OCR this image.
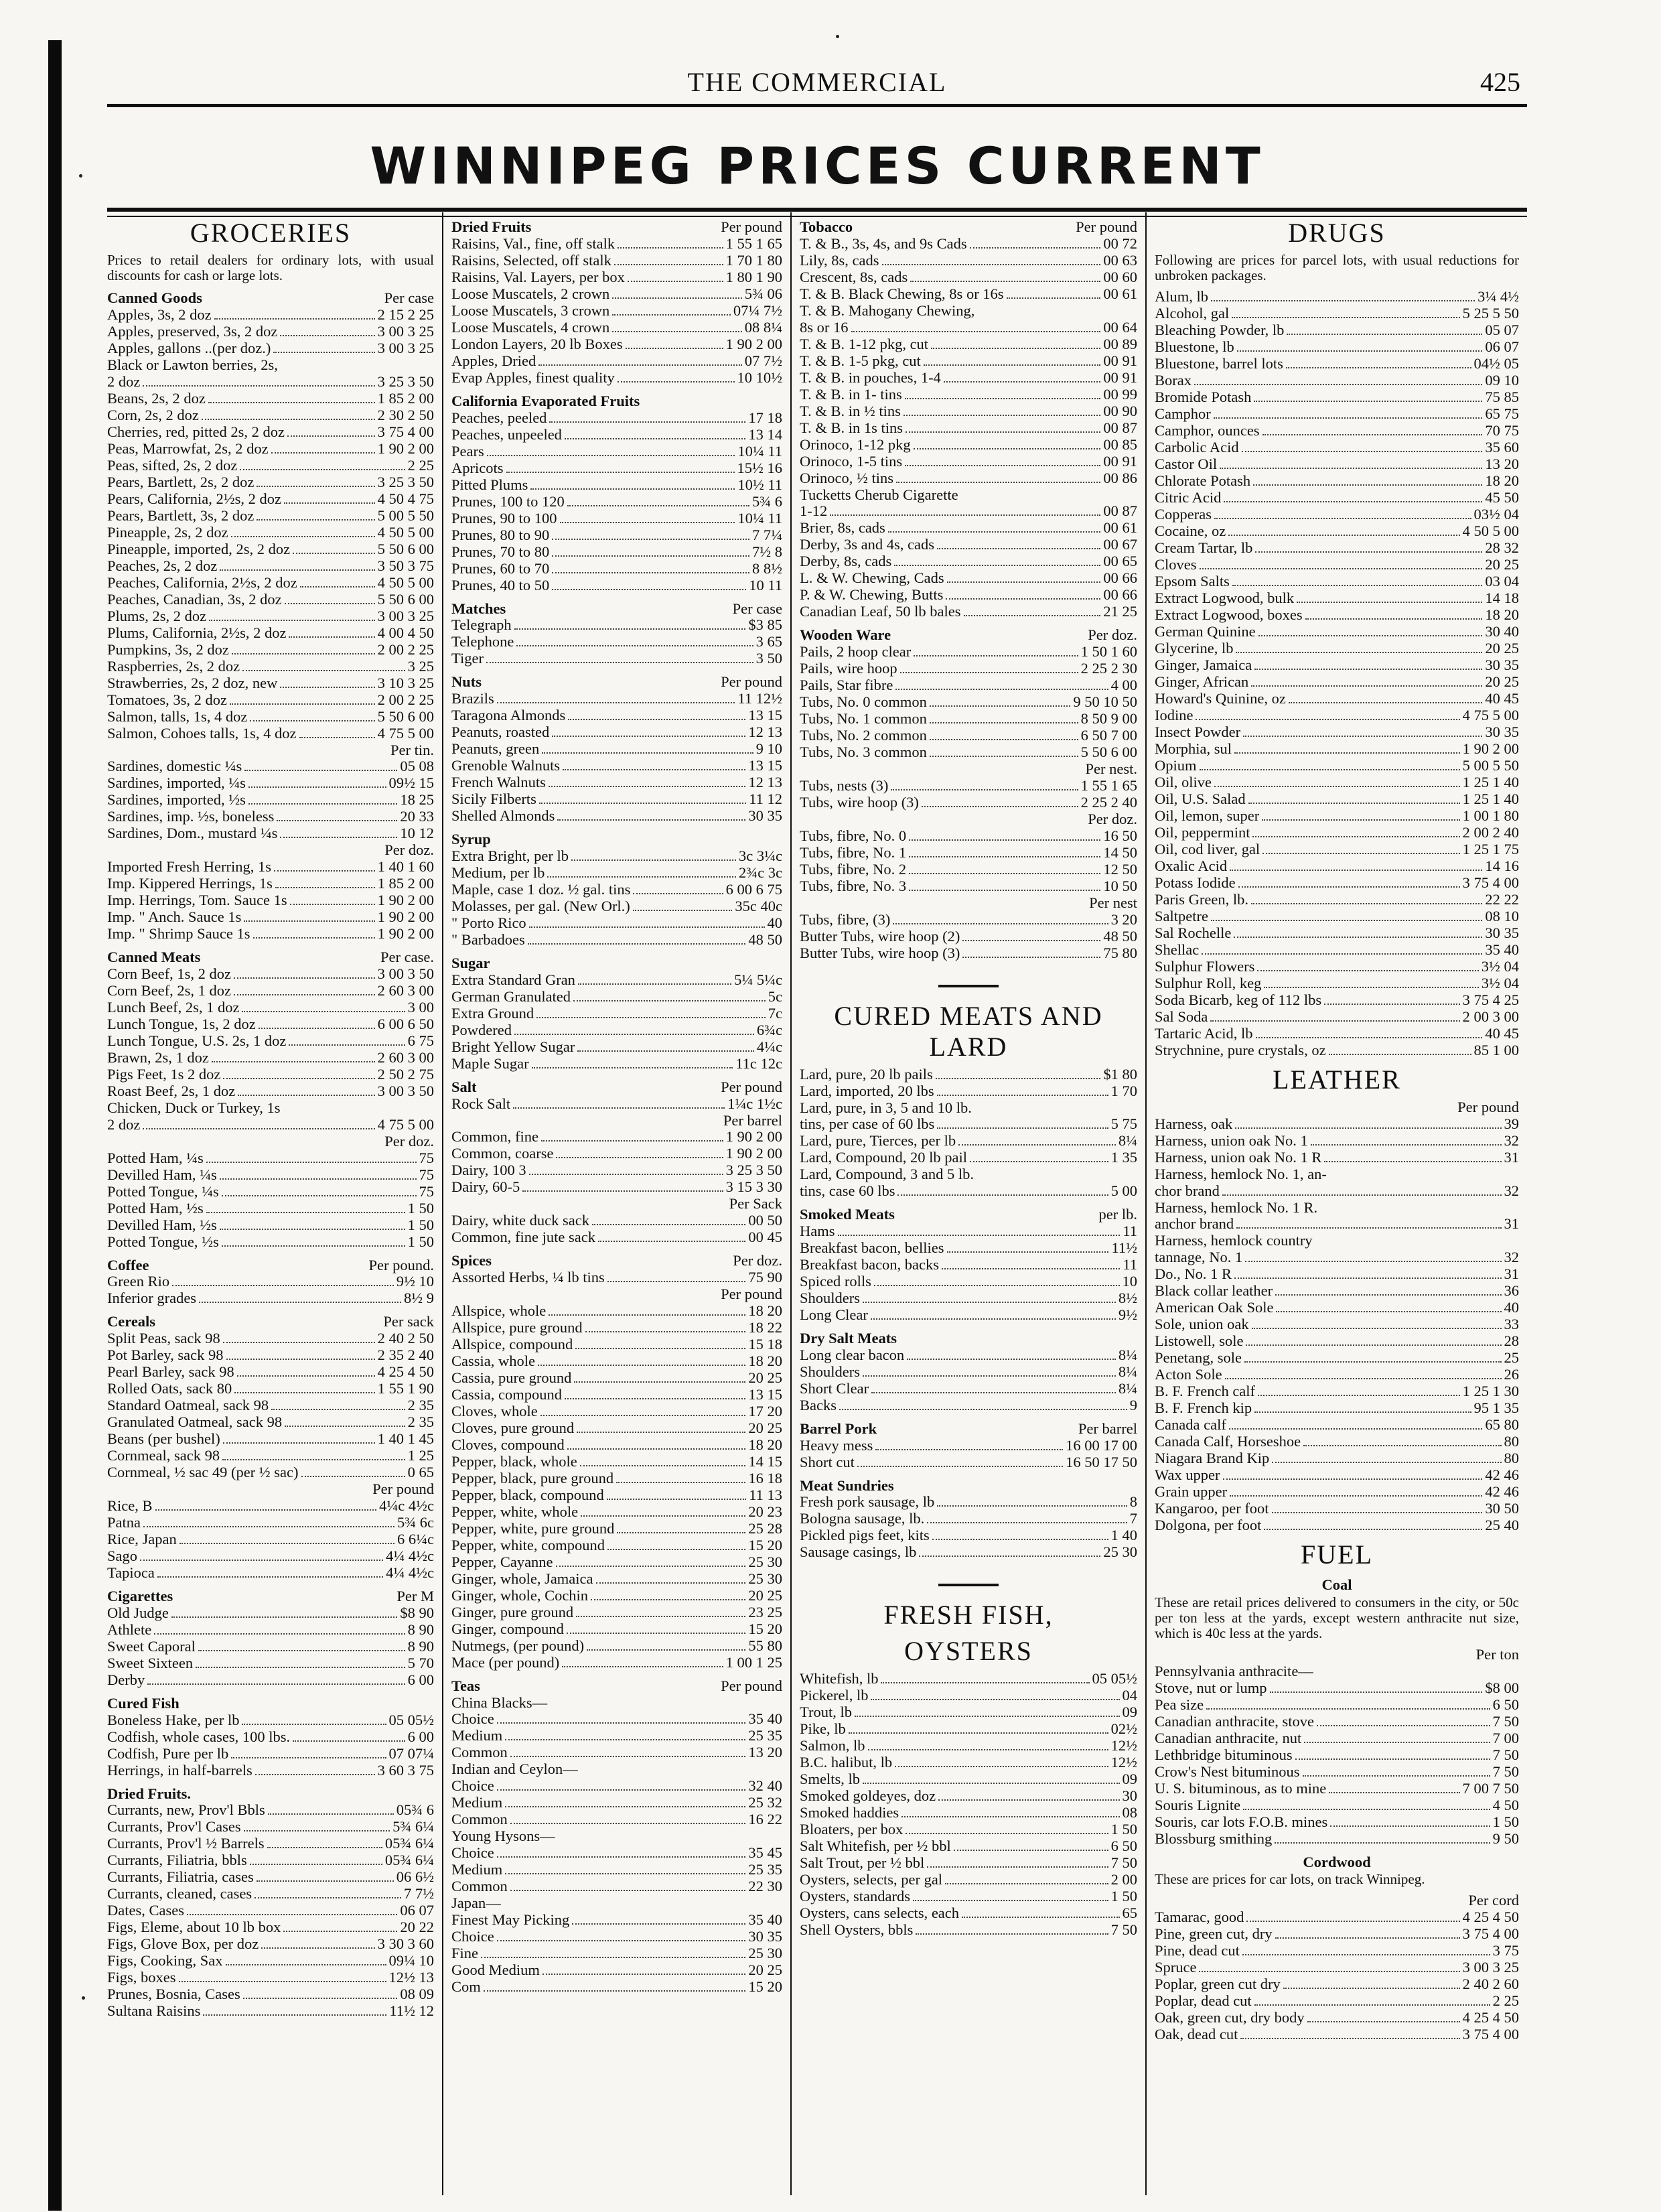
THE COMMERCIAL	425
WINNIPEG PRICES CURRENT
GROCERIES
Prices to retail dealers for ordinary lots, with usual discounts for cash or large lots.
Canned Goods	Per case
Apples, 3s, 2 doz	2 15 2 25
Apples, preserved, 3s, 2 doz	3 00 3 25
Apples, gallons ..(per doz.)	3 00 3 25
Black or Lawton berries, 2s,
2 doz	3 25 3 50
Beans, 2s, 2 doz	1 85 2 00
Corn, 2s, 2 doz	2 30 2 50
Cherries, red, pitted 2s, 2 doz	3 75 4 00
Peas, Marrowfat, 2s, 2 doz	1 90 2 00
Peas, sifted, 2s, 2 doz	2 25
Pears, Bartlett, 2s, 2 doz	3 25 3 50
Pears, California, 2½s, 2 doz	4 50 4 75
Pears, Bartlett, 3s, 2 doz	5 00 5 50
Pineapple, 2s, 2 doz	4 50 5 00
Pineapple, imported, 2s, 2 doz	5 50 6 00
Peaches, 2s, 2 doz	3 50 3 75
Peaches, California, 2½s, 2 doz	4 50 5 00
Peaches, Canadian, 3s, 2 doz	5 50 6 00
Plums, 2s, 2 doz	3 00 3 25
Plums, California, 2½s, 2 doz	4 00 4 50
Pumpkins, 3s, 2 doz	2 00 2 25
Raspberries, 2s, 2 doz	3 25
Strawberries, 2s, 2 doz, new	3 10 3 25
Tomatoes, 3s, 2 doz	2 00 2 25
Salmon, talls, 1s, 4 doz	5 50 6 00
Salmon, Cohoes talls, 1s, 4 doz	4 75 5 00
Per tin.
Sardines, domestic ¼s	05 08
Sardines, imported, ¼s	09½ 15
Sardines, imported, ½s	18 25
Sardines, imp. ½s, boneless	20 33
Sardines, Dom., mustard ¼s	10 12
Per doz.
Imported Fresh Herring, 1s	1 40 1 60
Imp. Kippered Herrings, 1s	1 85 2 00
Imp. Herrings, Tom. Sauce 1s	1 90 2 00
Imp. " Anch. Sauce 1s	1 90 2 00
Imp. " Shrimp Sauce 1s	1 90 2 00
Canned Meats	Per case.
Corn Beef, 1s, 2 doz	3 00 3 50
Corn Beef, 2s, 1 doz	2 60 3 00
Lunch Beef, 2s, 1 doz	3 00
Lunch Tongue, 1s, 2 doz	6 00 6 50
Lunch Tongue, U.S. 2s, 1 doz	6 75
Brawn, 2s, 1 doz	2 60 3 00
Pigs Feet, 1s 2 doz	2 50 2 75
Roast Beef, 2s, 1 doz	3 00 3 50
Chicken, Duck or Turkey, 1s
2 doz	4 75 5 00
Per doz.
Potted Ham, ¼s	75
Devilled Ham, ¼s	75
Potted Tongue, ¼s	75
Potted Ham, ½s	1 50
Devilled Ham, ½s	1 50
Potted Tongue, ½s	1 50
Coffee	Per pound.
Green Rio	9½ 10
Inferior grades	8½ 9
Cereals	Per sack
Split Peas, sack 98	2 40 2 50
Pot Barley, sack 98	2 35 2 40
Pearl Barley, sack 98	4 25 4 50
Rolled Oats, sack 80	1 55 1 90
Standard Oatmeal, sack 98	2 35
Granulated Oatmeal, sack 98	2 35
Beans (per bushel)	1 40 1 45
Cornmeal, sack 98	1 25
Cornmeal, ½ sac 49 (per ½ sac)	0 65
Per pound
Rice, B	4¼c 4½c
Patna	5¾ 6c
Rice, Japan	6 6¼c
Sago	4¼ 4½c
Tapioca	4¼ 4½c
Cigarettes	Per M
Old Judge	$8 90
Athlete	8 90
Sweet Caporal	8 90
Sweet Sixteen	5 70
Derby	6 00
Cured Fish
Boneless Hake, per lb	05 05½
Codfish, whole cases, 100 lbs.	6 00
Codfish, Pure per lb	07 07¼
Herrings, in half-barrels	3 60 3 75
Dried Fruits.
Currants, new, Prov'l Bbls	05¾ 6
Currants, Prov'l Cases	5¾ 6¼
Currants, Prov'l ½ Barrels	05¾ 6¼
Currants, Filiatria, bbls	05¾ 6¼
Currants, Filiatria, cases	06 6½
Currants, cleaned, cases	7 7½
Dates, Cases	06 07
Figs, Eleme, about 10 lb box	20 22
Figs, Glove Box, per doz	3 30 3 60
Figs, Cooking, Sax	09¼ 10
Figs, boxes	12½ 13
Prunes, Bosnia, Cases	08 09
Sultana Raisins	11½ 12
Dried Fruits	Per pound
Raisins, Val., fine, off stalk	1 55 1 65
Raisins, Selected, off stalk	1 70 1 80
Raisins, Val. Layers, per box	1 80 1 90
Loose Muscatels, 2 crown	5¾ 06
Loose Muscatels, 3 crown	07¼ 7½
Loose Muscatels, 4 crown	08 8¼
London Layers, 20 lb Boxes	1 90 2 00
Apples, Dried	07 7½
Evap Apples, finest quality	10 10½
California Evaporated Fruits
Peaches, peeled	17 18
Peaches, unpeeled	13 14
Pears	10¼ 11
Apricots	15½ 16
Pitted Plums	10½ 11
Prunes, 100 to 120	5¾ 6
Prunes, 90 to 100	10¼ 11
Prunes, 80 to 90	7 7¼
Prunes, 70 to 80	7½ 8
Prunes, 60 to 70	8 8½
Prunes, 40 to 50	10 11
Matches	Per case
Telegraph	$3 85
Telephone	3 65
Tiger	3 50
Nuts	Per pound
Brazils	11 12½
Taragona Almonds	13 15
Peanuts, roasted	12 13
Peanuts, green	9 10
Grenoble Walnuts	13 15
French Walnuts	12 13
Sicily Filberts	11 12
Shelled Almonds	30 35
Syrup
Extra Bright, per lb	3c 3¼c
Medium, per lb	2¾c 3c
Maple, case 1 doz. ½ gal. tins	6 00 6 75
Molasses, per gal. (New Orl.)	35c 40c
" Porto Rico	40
" Barbadoes	48 50
Sugar
Extra Standard Gran	5¼ 5¼c
German Granulated	5c
Extra Ground	7c
Powdered	6¾c
Bright Yellow Sugar	4¼c
Maple Sugar	11c 12c
Salt	Per pound
Rock Salt	1¼c 1½c
Per barrel
Common, fine	1 90 2 00
Common, coarse	1 90 2 00
Dairy, 100 3	3 25 3 50
Dairy, 60-5	3 15 3 30
Per Sack
Dairy, white duck sack	00 50
Common, fine jute sack	00 45
Spices	Per doz.
Assorted Herbs, ¼ lb tins	75 90
Per pound
Allspice, whole	18 20
Allspice, pure ground	18 22
Allspice, compound	15 18
Cassia, whole	18 20
Cassia, pure ground	20 25
Cassia, compound	13 15
Cloves, whole	17 20
Cloves, pure ground	20 25
Cloves, compound	18 20
Pepper, black, whole	14 15
Pepper, black, pure ground	16 18
Pepper, black, compound	11 13
Pepper, white, whole	20 23
Pepper, white, pure ground	25 28
Pepper, white, compound	15 20
Pepper, Cayanne	25 30
Ginger, whole, Jamaica	25 30
Ginger, whole, Cochin	20 25
Ginger, pure ground	23 25
Ginger, compound	15 20
Nutmegs, (per pound)	55 80
Mace (per pound)	1 00 1 25
Teas	Per pound
China Blacks—
Choice	35 40
Medium	25 35
Common	13 20
Indian and Ceylon—
Choice	32 40
Medium	25 32
Common	16 22
Young Hysons—
Choice	35 45
Medium	25 35
Common	22 30
Japan—
Finest May Picking	35 40
Choice	30 35
Fine	25 30
Good Medium	20 25
Com	15 20
Tobacco	Per pound
T. & B., 3s, 4s, and 9s Cads	00 72
Lily, 8s, cads	00 63
Crescent, 8s, cads	00 60
T. & B. Black Chewing, 8s or 16s	00 61
T. & B. Mahogany Chewing,
8s or 16	00 64
T. & B. 1-12 pkg, cut	00 89
T. & B. 1-5 pkg, cut	00 91
T. & B. in pouches, 1-4	00 91
T. & B. in 1- tins	00 99
T. & B. in ½ tins	00 90
T. & B. in 1s tins	00 87
Orinoco, 1-12 pkg	00 85
Orinoco, 1-5 tins	00 91
Orinoco, ½ tins	00 86
Tucketts Cherub Cigarette
1-12	00 87
Brier, 8s, cads	00 61
Derby, 3s and 4s, cads	00 67
Derby, 8s, cads	00 65
L. & W. Chewing, Cads	00 66
P. & W. Chewing, Butts	00 66
Canadian Leaf, 50 lb bales	21 25
Wooden Ware	Per doz.
Pails, 2 hoop clear	1 50 1 60
Pails, wire hoop	2 25 2 30
Pails, Star fibre	4 00
Tubs, No. 0 common	9 50 10 50
Tubs, No. 1 common	8 50 9 00
Tubs, No. 2 common	6 50 7 00
Tubs, No. 3 common	5 50 6 00
Per nest.
Tubs, nests (3)	1 55 1 65
Tubs, wire hoop (3)	2 25 2 40
Per doz.
Tubs, fibre, No. 0	16 50
Tubs, fibre, No. 1	14 50
Tubs, fibre, No. 2	12 50
Tubs, fibre, No. 3	10 50
Per nest
Tubs, fibre, (3)	3 20
Butter Tubs, wire hoop (2)	48 50
Butter Tubs, wire hoop (3)	75 80
CURED MEATS AND LARD
Lard, pure, 20 lb pails	$1 80
Lard, imported, 20 lbs	1 70
Lard, pure, in 3, 5 and 10 lb.
tins, per case of 60 lbs	5 75
Lard, pure, Tierces, per lb	8¼
Lard, Compound, 20 lb pail	1 35
Lard, Compound, 3 and 5 lb.
tins, case 60 lbs	5 00
Smoked Meats	per lb.
Hams	11
Breakfast bacon, bellies	11½
Breakfast bacon, backs	11
Spiced rolls	10
Shoulders	8½
Long Clear	9½
Dry Salt Meats
Long clear bacon	8¼
Shoulders	8¼
Short Clear	8¼
Backs	9
Barrel Pork	Per barrel
Heavy mess	16 00 17 00
Short cut	16 50 17 50
Meat Sundries
Fresh pork sausage, lb	8
Bologna sausage, lb.	7
Pickled pigs feet, kits	1 40
Sausage casings, lb	25 30
FRESH FISH,
OYSTERS
Whitefish, lb	05 05½
Pickerel, lb	04
Trout, lb	09
Pike, lb	02½
Salmon, lb	12½
B.C. halibut, lb	12½
Smelts, lb	09
Smoked goldeyes, doz	30
Smoked haddies	08
Bloaters, per box	1 50
Salt Whitefish, per ½ bbl	6 50
Salt Trout, per ½ bbl	7 50
Oysters, selects, per gal	2 00
Oysters, standards	1 50
Oysters, cans selects, each	65
Shell Oysters, bbls	7 50
DRUGS
Following are prices for parcel lots, with usual reductions for unbroken packages.
Alum, lb	3¼ 4½
Alcohol, gal	5 25 5 50
Bleaching Powder, lb	05 07
Bluestone, lb	06 07
Bluestone, barrel lots	04½ 05
Borax	09 10
Bromide Potash	75 85
Camphor	65 75
Camphor, ounces	70 75
Carbolic Acid	35 60
Castor Oil	13 20
Chlorate Potash	18 20
Citric Acid	45 50
Copperas	03½ 04
Cocaine, oz	4 50 5 00
Cream Tartar, lb	28 32
Cloves	20 25
Epsom Salts	03 04
Extract Logwood, bulk	14 18
Extract Logwood, boxes	18 20
German Quinine	30 40
Glycerine, lb	20 25
Ginger, Jamaica	30 35
Ginger, African	20 25
Howard's Quinine, oz	40 45
Iodine	4 75 5 00
Insect Powder	30 35
Morphia, sul	1 90 2 00
Opium	5 00 5 50
Oil, olive	1 25 1 40
Oil, U.S. Salad	1 25 1 40
Oil, lemon, super	1 00 1 80
Oil, peppermint	2 00 2 40
Oil, cod liver, gal	1 25 1 75
Oxalic Acid	14 16
Potass Iodide	3 75 4 00
Paris Green, lb.	22 22
Saltpetre	08 10
Sal Rochelle	30 35
Shellac	35 40
Sulphur Flowers	3½ 04
Sulphur Roll, keg	3½ 04
Soda Bicarb, keg of 112 lbs	3 75 4 25
Sal Soda	2 00 3 00
Tartaric Acid, lb	40 45
Strychnine, pure crystals, oz	85 1 00
LEATHER
Per pound
Harness, oak	39
Harness, union oak No. 1	32
Harness, union oak No. 1 R	31
Harness, hemlock No. 1, an-
chor brand	32
Harness, hemlock No. 1 R.
anchor brand	31
Harness, hemlock country
tannage, No. 1	32
Do., No. 1 R	31
Black collar leather	36
American Oak Sole	40
Sole, union oak	33
Listowell, sole	28
Penetang, sole	25
Acton Sole	26
B. F. French calf	1 25 1 30
B. F. French kip	95 1 35
Canada calf	65 80
Canada Calf, Horseshoe	80
Niagara Brand Kip	80
Wax upper	42 46
Grain upper	42 46
Kangaroo, per foot	30 50
Dolgona, per foot	25 40
FUEL
Coal
These are retail prices delivered to consumers in the city, or 50c per ton less at the yards, except western anthracite nut size, which is 40c less at the yards.
Per ton
Pennsylvania anthracite—
Stove, nut or lump	$8 00
Pea size	6 50
Canadian anthracite, stove	7 50
Canadian anthracite, nut	7 00
Lethbridge bituminous	7 50
Crow's Nest bituminous	7 50
U. S. bituminous, as to mine	7 00 7 50
Souris Lignite	4 50
Souris, car lots F.O.B. mines	1 50
Blossburg smithing	9 50
Cordwood
These are prices for car lots, on track Winnipeg.
Per cord
Tamarac, good	4 25 4 50
Pine, green cut, dry	3 75 4 00
Pine, dead cut	3 75
Spruce	3 00 3 25
Poplar, green cut dry	2 40 2 60
Poplar, dead cut	2 25
Oak, green cut, dry body	4 25 4 50
Oak, dead cut	3 75 4 00
